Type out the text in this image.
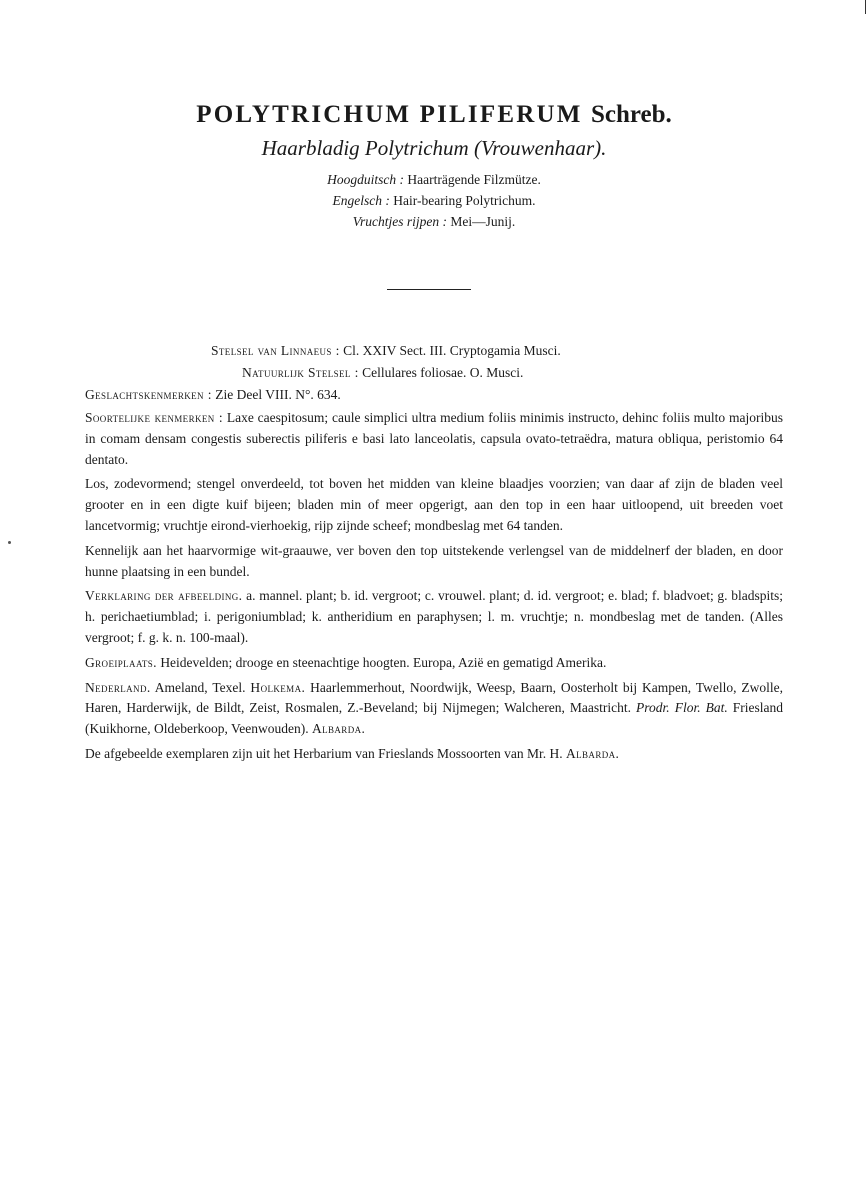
POLYTRICHUM PILIFERUM Schreb.
Haarbladig Polytrichum (Vrouwenhaar).
Hoogduitsch : Haarträgende Filzmütze.
Engelsch : Hair-bearing Polytrichum.
Vruchtjes rijpen : Mei—Junij.
Stelsel van Linnaeus : Cl. XXIV Sect. III. Cryptogamia Musci.
Natuurlijk Stelsel : Cellulares foliosae. O. Musci.
Geslachtskenmerken : Zie Deel VIII. N°. 634.

Soortelijke kenmerken : Laxe caespitosum; caule simplici ultra medium foliis minimis instructo, dehinc foliis multo majoribus in comam densam congestis suberectis piliferis e basi lato lanceolatis, capsula ovato-tetraëdra, matura obliqua, peristomio 64 dentato.

Los, zodevormend; stengel onverdeeld, tot boven het midden van kleine blaadjes voorzien; van daar af zijn de bladen veel grooter en in een digte kuif bijeen; bladen min of meer opgerigt, aan den top in een haar uitloopend, uit breeden voet lancetvormig; vruchtje eirond-vierhoekig, rijp zijnde scheef; mondbeslag met 64 tanden.

Kennelijk aan het haarvormige wit-graauwe, ver boven den top uitstekende verlengsel van de middelnerf der bladen, en door hunne plaatsing in een bundel.

Verklaring der afbeelding. a. mannel. plant; b. id. vergroot; c. vrouwel. plant; d. id. vergroot; e. blad; f. bladvoet; g. bladspits; h. perichaetiumblad; i. perigoniumblad; k. antheridium en paraphysen; l. m. vruchtje; n. mondbeslag met de tanden. (Alles vergroot; f. g. k. n. 100-maal).

Groeiplaats. Heidevelden; drooge en steenachtige hoogten. Europa, Azië en gematigd Amerika.

Nederland. Ameland, Texel. Holkema. Haarlemmerhout, Noordwijk, Weesp, Baarn, Oosterholt bij Kampen, Twello, Zwolle, Haren, Harderwijk, de Bildt, Zeist, Rosmalen, Z.-Beveland; bij Nijmegen; Walcheren, Maastricht. Prodr. Flor. Bat. Friesland (Kuikhorne, Oldeberkoop, Veenwouden). Albarda.

De afgebeelde exemplaren zijn uit het Herbarium van Frieslands Mossoorten van Mr. H. Albarda.
